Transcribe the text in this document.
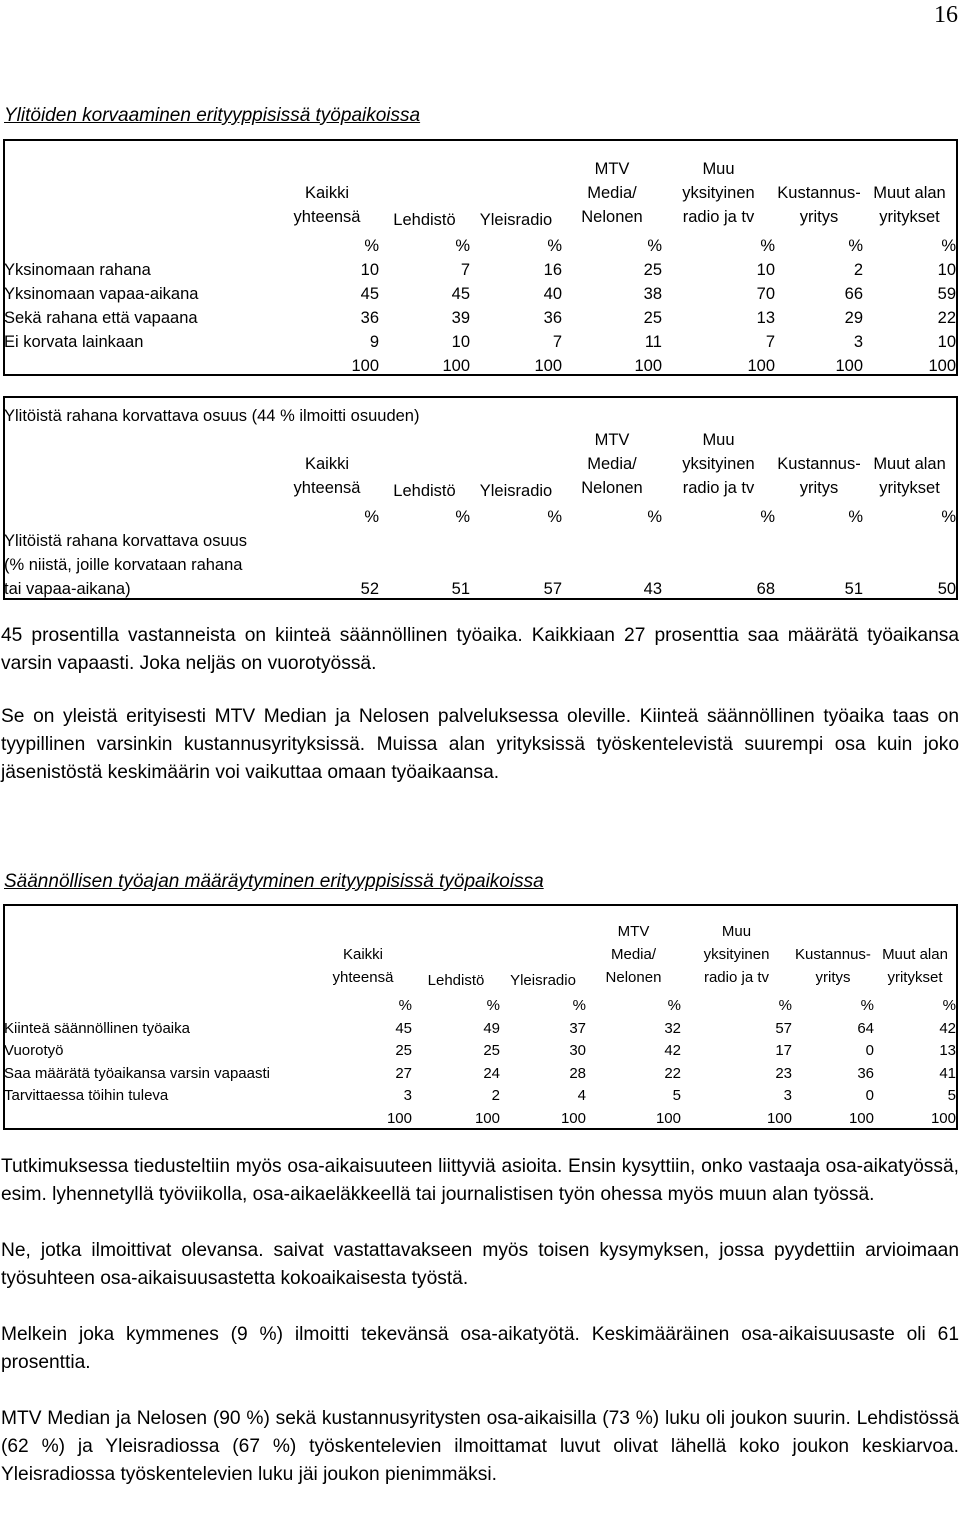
16
Ylitöiden korvaaminen erityyppisissä työpaikoissa
				MTV	Muu		
	Kaikki			Media/	yksityinen	Kustannus-	Muut alan
	yhteensä	Lehdistö	Yleisradio	Nelonen	radio ja tv	yritys	yritykset
	%	%	%	%	%	%	%
Yksinomaan rahana	10	7	16	25	10	2	10
Yksinomaan vapaa-aikana	45	45	40	38	70	66	59
Sekä rahana että vapaana	36	39	36	25	13	29	22
Ei korvata lainkaan	9	10	7	11	7	3	10
	100	100	100	100	100	100	100
Ylitöistä rahana korvattava osuus (44 % ilmoitti osuuden)							
				MTV	Muu		
	Kaikki			Media/	yksityinen	Kustannus-	Muut alan
	yhteensä	Lehdistö	Yleisradio	Nelonen	radio ja tv	yritys	yritykset
	%	%	%	%	%	%	%
Ylitöistä rahana korvattava osuus							
(% niistä, joille korvataan rahana							
tai vapaa-aikana)	52	51	57	43	68	51	50

45 prosentilla vastanneista on kiinteä säännöllinen työaika. Kaikkiaan 27 prosenttia saa määrätä työaikansa varsin vapaasti. Joka neljäs on vuorotyössä.

Se on yleistä erityisesti MTV Median ja Nelosen palveluksessa oleville. Kiinteä säännöllinen työaika taas on tyypillinen varsinkin kustannusyrityksissä. Muissa alan yrityksissä työskentelevistä suurempi osa kuin joko jäsenistöstä keskimäärin voi vaikuttaa omaan työaikaansa.

Säännöllisen työajan määräytyminen erityyppisissä työpaikoissa
				MTV	Muu		
	Kaikki			Media/	yksityinen	Kustannus-	Muut alan
	yhteensä	Lehdistö	Yleisradio	Nelonen	radio ja tv	yritys	yritykset
	%	%	%	%	%	%	%
Kiinteä säännöllinen työaika	45	49	37	32	57	64	42
Vuorotyö	25	25	30	42	17	0	13
Saa määrätä työaikansa varsin vapaasti	27	24	28	22	23	36	41
Tarvittaessa töihin tuleva	3	2	4	5	3	0	5
	100	100	100	100	100	100	100

Tutkimuksessa tiedusteltiin myös osa-aikaisuuteen liittyviä asioita. Ensin kysyttiin, onko vastaaja osa-aikatyössä, esim. lyhennetyllä työviikolla, osa-aikaeläkkeellä tai journalistisen työn ohessa myös muun alan työssä.

Ne, jotka ilmoittivat olevansa. saivat vastattavakseen myös toisen kysymyksen, jossa pyydettiin arvioimaan työsuhteen osa-aikaisuusastetta kokoaikaisesta työstä.

Melkein joka kymmenes (9 %) ilmoitti tekevänsä osa-aikatyötä. Keskimääräinen osa-aikaisuusaste oli 61 prosenttia.

MTV Median ja Nelosen (90 %) sekä kustannusyritysten osa-aikaisilla (73 %) luku oli joukon suurin. Lehdistössä (62 %) ja Yleisradiossa (67 %) työskentelevien ilmoittamat luvut olivat lähellä koko joukon keskiarvoa. Yleisradiossa työskentelevien luku jäi joukon pienimmäksi.
